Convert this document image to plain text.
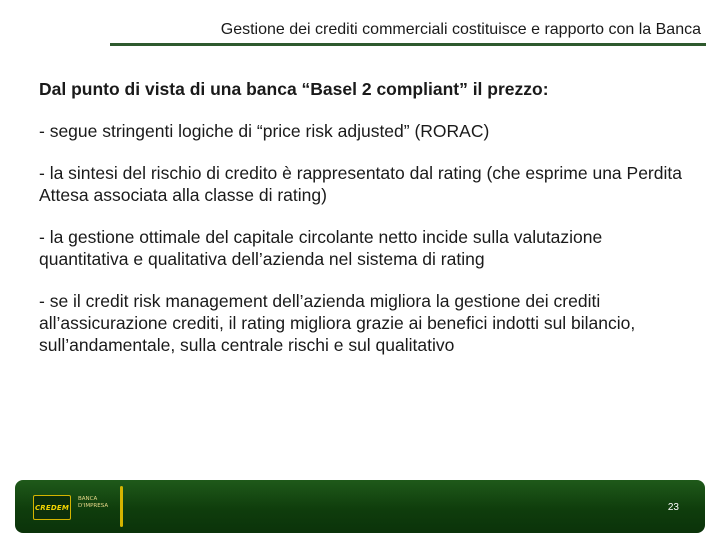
Gestione dei crediti commerciali costituisce e rapporto con la Banca

Dal punto di vista di una banca “Basel 2 compliant” il prezzo:

- segue stringenti logiche di “price risk adjusted” (RORAC)

- la sintesi del rischio di credito è rappresentato dal rating (che esprime una Perdita Attesa associata alla classe di rating)

- la gestione ottimale del capitale circolante netto incide sulla valutazione quantitativa e qualitativa dell’azienda nel sistema di rating

- se il credit risk management dell’azienda migliora la gestione dei crediti all’assicurazione crediti, il rating migliora grazie ai benefici indotti sul bilancio, sull’andamentale, sulla centrale rischi e sul qualitativo

CREDEM
BANCA
D'IMPRESA	23
